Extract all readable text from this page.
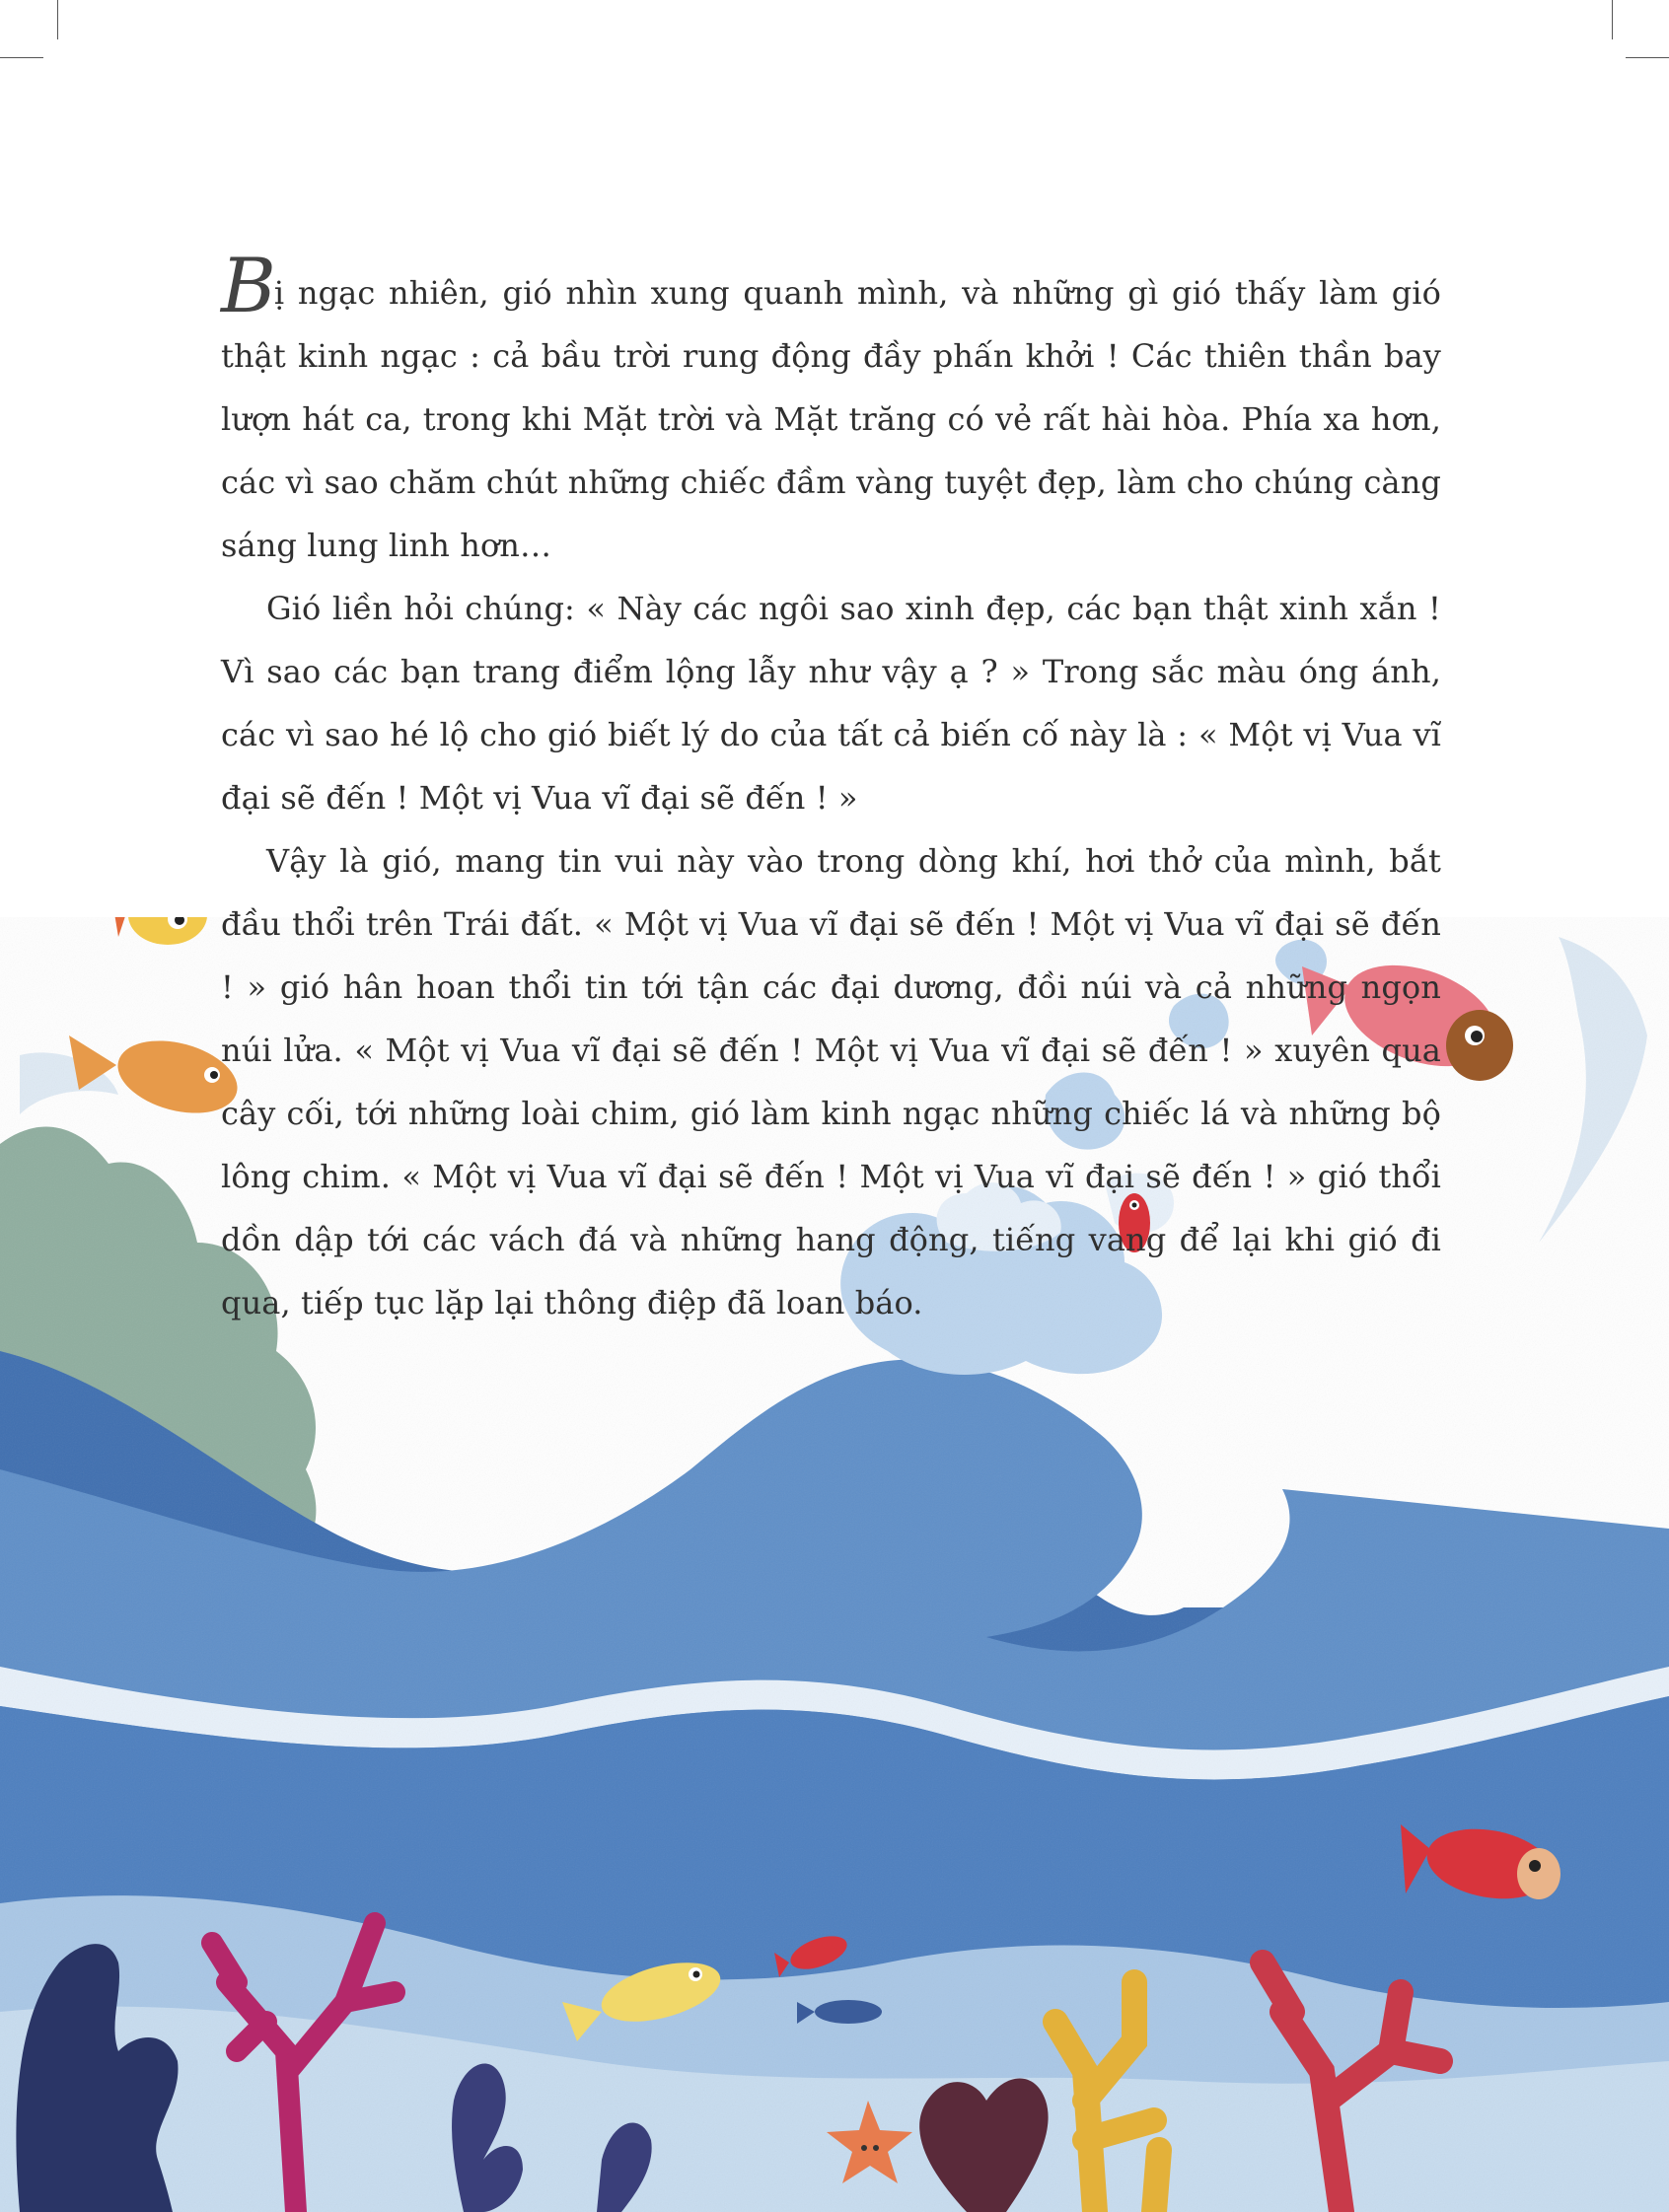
Bị ngạc nhiên, gió nhìn xung quanh mình, và những gì gió thấy làm gió thật kinh ngạc : cả bầu trời rung động đầy phấn khởi ! Các thiên thần bay lượn hát ca, trong khi Mặt trời và Mặt trăng có vẻ rất hài hòa. Phía xa hơn, các vì sao chăm chút những chiếc đầm vàng tuyệt đẹp, làm cho chúng càng sáng lung linh hơn…

Gió liền hỏi chúng: « Này các ngôi sao xinh đẹp, các bạn thật xinh xắn ! Vì sao các bạn trang điểm lộng lẫy như vậy ạ ? » Trong sắc màu óng ánh, các vì sao hé lộ cho gió biết lý do của tất cả biến cố này là : « Một vị Vua vĩ đại sẽ đến ! Một vị Vua vĩ đại sẽ đến ! »

Vậy là gió, mang tin vui này vào trong dòng khí, hơi thở của mình, bắt đầu thổi trên Trái đất. « Một vị Vua vĩ đại sẽ đến ! Một vị Vua vĩ đại sẽ đến ! » gió hân hoan thổi tin tới tận các đại dương, đồi núi và cả những ngọn núi lửa. « Một vị Vua vĩ đại sẽ đến ! Một vị Vua vĩ đại sẽ đến ! » xuyên qua cây cối, tới những loài chim, gió làm kinh ngạc những chiếc lá và những bộ lông chim. « Một vị Vua vĩ đại sẽ đến ! Một vị Vua vĩ đại sẽ đến ! » gió thổi dồn dập tới các vách đá và những hang động, tiếng vang để lại khi gió đi qua, tiếp tục lặp lại thông điệp đã loan báo.
